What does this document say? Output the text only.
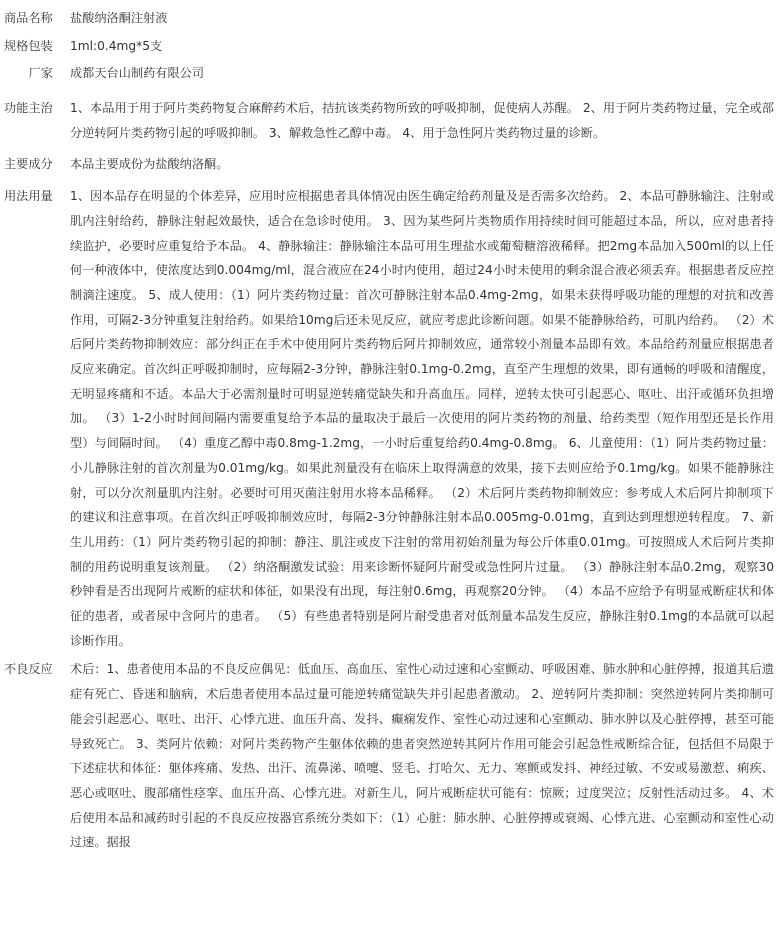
商品名称	盐酸纳洛酮注射液
规格包装	1ml:0.4mg*5支
厂家	成都天台山制药有限公司
功能主治	1、本品用于用于阿片类药物复合麻醉药术后，拮抗该类药物所致的呼吸抑制，促使病人苏醒。 2、用于阿片类药物过量，完全或部分逆转阿片类药物引起的呼吸抑制。 3、解救急性乙醇中毒。 4、用于急性阿片类药物过量的诊断。
主要成分	本品主要成份为盐酸纳洛酮。
用法用量	1、因本品存在明显的个体差异，应用时应根据患者具体情况由医生确定给药剂量及是否需多次给药。 2、本品可静脉输注、注射或肌内注射给药，静脉注射起效最快，适合在急诊时使用。 3、因为某些阿片类物质作用持续时间可能超过本品，所以，应对患者持续监护，必要时应重复给予本品。 4、静脉输注：静脉输注本品可用生理盐水或葡萄糖溶液稀释。把2mg本品加入500ml的以上任何一种液体中，使浓度达到0.004mg/ml，混合液应在24小时内使用，超过24小时未使用的剩余混合液必须丢弃。根据患者反应控制滴注速度。 5、成人使用：（1）阿片类药物过量：首次可静脉注射本品0.4mg-2mg，如果未获得呼吸功能的理想的对抗和改善作用，可隔2-3分钟重复注射给药。如果给10mg后还未见反应，就应考虑此诊断问题。如果不能静脉给药，可肌内给药。 （2）术后阿片类药物抑制效应：部分纠正在手术中使用阿片类药物后阿片抑制效应，通常较小剂量本品即有效。本品给药剂量应根据患者反应来确定。首次纠正呼吸抑制时，应每隔2-3分钟，静脉注射0.1mg-0.2mg，直至产生理想的效果，即有通畅的呼吸和清醒度，无明显疼痛和不适。本品大于必需剂量时可明显逆转痛觉缺失和升高血压。同样，逆转太快可引起恶心、呕吐、出汗或循环负担增加。 （3）1-2小时时间间隔内需要重复给予本品的量取决于最后一次使用的阿片类药物的剂量、给药类型（短作用型还是长作用型）与间隔时间。 （4）重度乙醇中毒0.8mg-1.2mg，一小时后重复给药0.4mg-0.8mg。 6、儿童使用：（1）阿片类药物过量：小儿静脉注射的首次剂量为0.01mg/kg。如果此剂量没有在临床上取得满意的效果，接下去则应给予0.1mg/kg。如果不能静脉注射，可以分次剂量肌内注射。必要时可用灭菌注射用水将本品稀释。 （2）术后阿片类药物抑制效应：参考成人术后阿片抑制项下的建议和注意事项。在首次纠正呼吸抑制效应时，每隔2-3分钟静脉注射本品0.005mg-0.01mg，直到达到理想逆转程度。 7、新生儿用药：（1）阿片类药物引起的抑制：静注、肌注或皮下注射的常用初始剂量为每公斤体重0.01mg。可按照成人术后阿片类抑制的用药说明重复该剂量。 （2）纳洛酮激发试验：用来诊断怀疑阿片耐受或急性阿片过量。 （3）静脉注射本品0.2mg，观察30秒钟看是否出现阿片戒断的症状和体征，如果没有出现，每注射0.6mg，再观察20分钟。 （4）本品不应给予有明显戒断症状和体征的患者，或者尿中含阿片的患者。 （5）有些患者特别是阿片耐受患者对低剂量本品发生反应，静脉注射0.1mg的本品就可以起诊断作用。
不良反应	术后：1、患者使用本品的不良反应偶见：低血压、高血压、室性心动过速和心室颤动、呼吸困难、肺水肿和心脏停搏，报道其后遗症有死亡、昏迷和脑病，术后患者使用本品过量可能逆转痛觉缺失并引起患者激动。 2、逆转阿片类抑制：突然逆转阿片类抑制可能会引起恶心、呕吐、出汗、心悸亢进、血压升高、发抖、癫痫发作、室性心动过速和心室颤动、肺水肿以及心脏停搏，甚至可能导致死亡。 3、类阿片依赖：对阿片类药物产生躯体依赖的患者突然逆转其阿片作用可能会引起急性戒断综合征，包括但不局限于下述症状和体征：躯体疼痛、发热、出汗、流鼻涕、喷嚏、竖毛、打哈欠、无力、寒颤或发抖、神经过敏、不安或易激惹、痢疾、恶心或呕吐、腹部痛性痉挛、血压升高、心悸亢进。对新生儿，阿片戒断症状可能有：惊厥；过度哭泣；反射性活动过多。 4、术后使用本品和减药时引起的不良反应按器官系统分类如下：（1）心脏：肺水肿、心脏停搏或衰竭、心悸亢进、心室颤动和室性心动过速。据报
